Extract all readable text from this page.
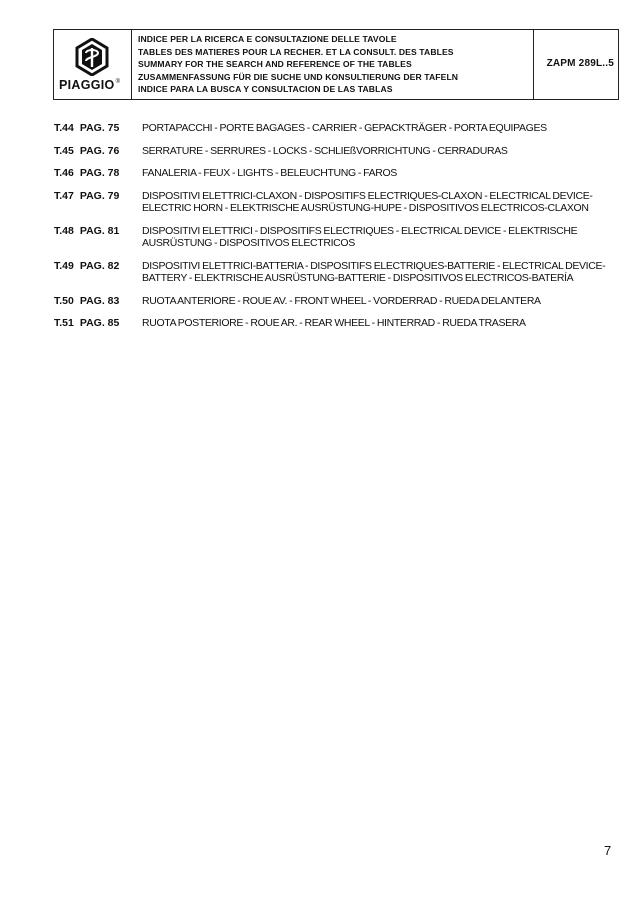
PIAGGIO®
INDICE PER LA RICERCA E CONSULTAZIONE DELLE TAVOLE
TABLES DES MATIERES POUR LA RECHER. ET LA CONSULT. DES TABLES
SUMMARY FOR THE SEARCH AND REFERENCE OF THE TABLES
ZUSAMMENFASSUNG FÜR DIE SUCHE UND KONSULTIERUNG DER TAFELN
INDICE PARA LA BUSCA Y CONSULTACION DE LAS TABLAS
ZAPM 289L..5
T.44 PAG. 75	PORTAPACCHI - PORTE BAGAGES - CARRIER - GEPACKTRÄGER - PORTA EQUIPAGES
T.45 PAG. 76	SERRATURE - SERRURES - LOCKS - SCHLIEßVORRICHTUNG - CERRADURAS
T.46 PAG. 78	FANALERIA - FEUX - LIGHTS - BELEUCHTUNG - FAROS
T.47 PAG. 79	DISPOSITIVI ELETTRICI-CLAXON - DISPOSITIFS ELECTRIQUES-CLAXON - ELECTRICAL DEVICE-
ELECTRIC HORN - ELEKTRISCHE AUSRÜSTUNG-HUPE - DISPOSITIVOS ELECTRICOS-CLAXON
T.48 PAG. 81	DISPOSITIVI ELETTRICI - DISPOSITIFS ELECTRIQUES - ELECTRICAL DEVICE - ELEKTRISCHE
AUSRÜSTUNG - DISPOSITIVOS ELECTRICOS
T.49 PAG. 82	DISPOSITIVI ELETTRICI-BATTERIA - DISPOSITIFS ELECTRIQUES-BATTERIE - ELECTRICAL DEVICE-
BATTERY - ELEKTRISCHE AUSRÜSTUNG-BATTERIE - DISPOSITIVOS ELECTRICOS-BATERÍA
T.50 PAG. 83	RUOTA ANTERIORE - ROUE AV. - FRONT WHEEL - VORDERRAD - RUEDA DELANTERA
T.51 PAG. 85	RUOTA POSTERIORE - ROUE AR. - REAR WHEEL - HINTERRAD - RUEDA TRASERA
7
